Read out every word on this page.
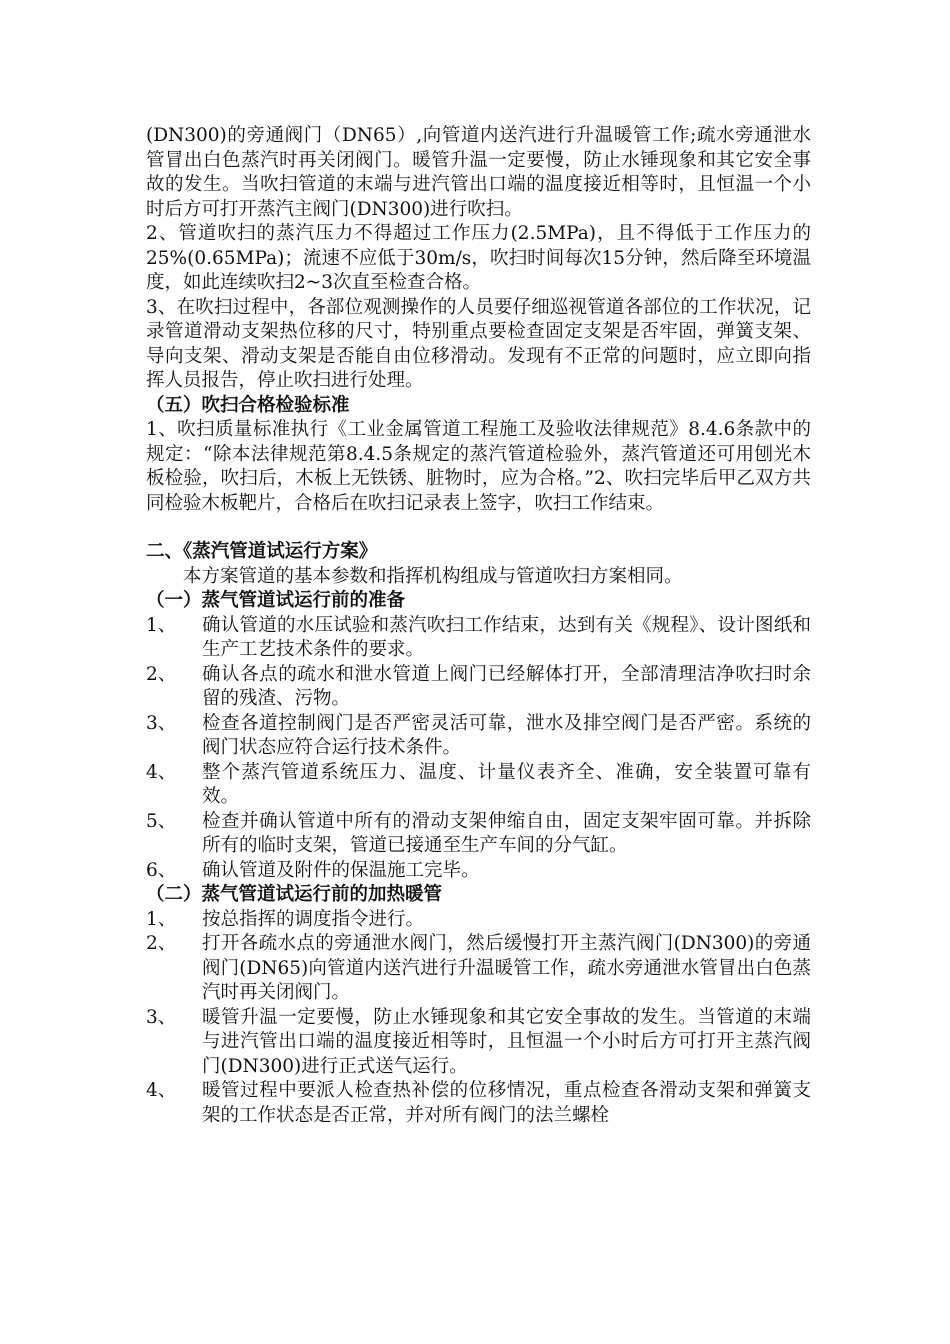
(DN300)的旁通阀门（DN65）,向管道内送汽进行升温暖管工作;疏水旁通泄水管冒出白色蒸汽时再关闭阀门。暖管升温一定要慢，防止水锤现象和其它安全事故的发生。当吹扫管道的末端与进汽管出口端的温度接近相等时，且恒温一个小时后方可打开蒸汽主阀门(DN300)进行吹扫。

2、管道吹扫的蒸汽压力不得超过工作压力(2.5MPa)，且不得低于工作压力的25%(0.65MPa)；流速不应低于30m/s，吹扫时间每次15分钟，然后降至环境温度，如此连续吹扫2~3次直至检查合格。

3、在吹扫过程中，各部位观测操作的人员要仔细巡视管道各部位的工作状况，记录管道滑动支架热位移的尺寸，特别重点要检查固定支架是否牢固，弹簧支架、导向支架、滑动支架是否能自由位移滑动。发现有不正常的问题时，应立即向指挥人员报告，停止吹扫进行处理。

（五）吹扫合格检验标准

1、吹扫质量标准执行《工业金属管道工程施工及验收法律规范》8.4.6条款中的规定：“除本法律规范第8.4.5条规定的蒸汽管道检验外，蒸汽管道还可用刨光木板检验，吹扫后，木板上无铁锈、脏物时，应为合格。”2、吹扫完毕后甲乙双方共同检验木板靶片，合格后在吹扫记录表上签字，吹扫工作结束。

二、《蒸汽管道试运行方案》

本方案管道的基本参数和指挥机构组成与管道吹扫方案相同。

（一）蒸气管道试运行前的准备

1、	确认管道的水压试验和蒸汽吹扫工作结束，达到有关《规程》、设计图纸和生产工艺技术条件的要求。
2、	确认各点的疏水和泄水管道上阀门已经解体打开，全部清理洁净吹扫时余留的残渣、污物。
3、	检查各道控制阀门是否严密灵活可靠，泄水及排空阀门是否严密。系统的阀门状态应符合运行技术条件。
4、	整个蒸汽管道系统压力、温度、计量仪表齐全、准确，安全装置可靠有效。
5、	检查并确认管道中所有的滑动支架伸缩自由，固定支架牢固可靠。并拆除所有的临时支架，管道已接通至生产车间的分气缸。
6、	确认管道及附件的保温施工完毕。

（二）蒸气管道试运行前的加热暖管

1、	按总指挥的调度指令进行。
2、	打开各疏水点的旁通泄水阀门，然后缓慢打开主蒸汽阀门(DN300)的旁通阀门(DN65)向管道内送汽进行升温暖管工作，疏水旁通泄水管冒出白色蒸汽时再关闭阀门。
3、	暖管升温一定要慢，防止水锤现象和其它安全事故的发生。当管道的末端与进汽管出口端的温度接近相等时，且恒温一个小时后方可打开主蒸汽阀门(DN300)进行正式送气运行。
4、	暖管过程中要派人检查热补偿的位移情况，重点检查各滑动支架和弹簧支架的工作状态是否正常，并对所有阀门的法兰螺栓
